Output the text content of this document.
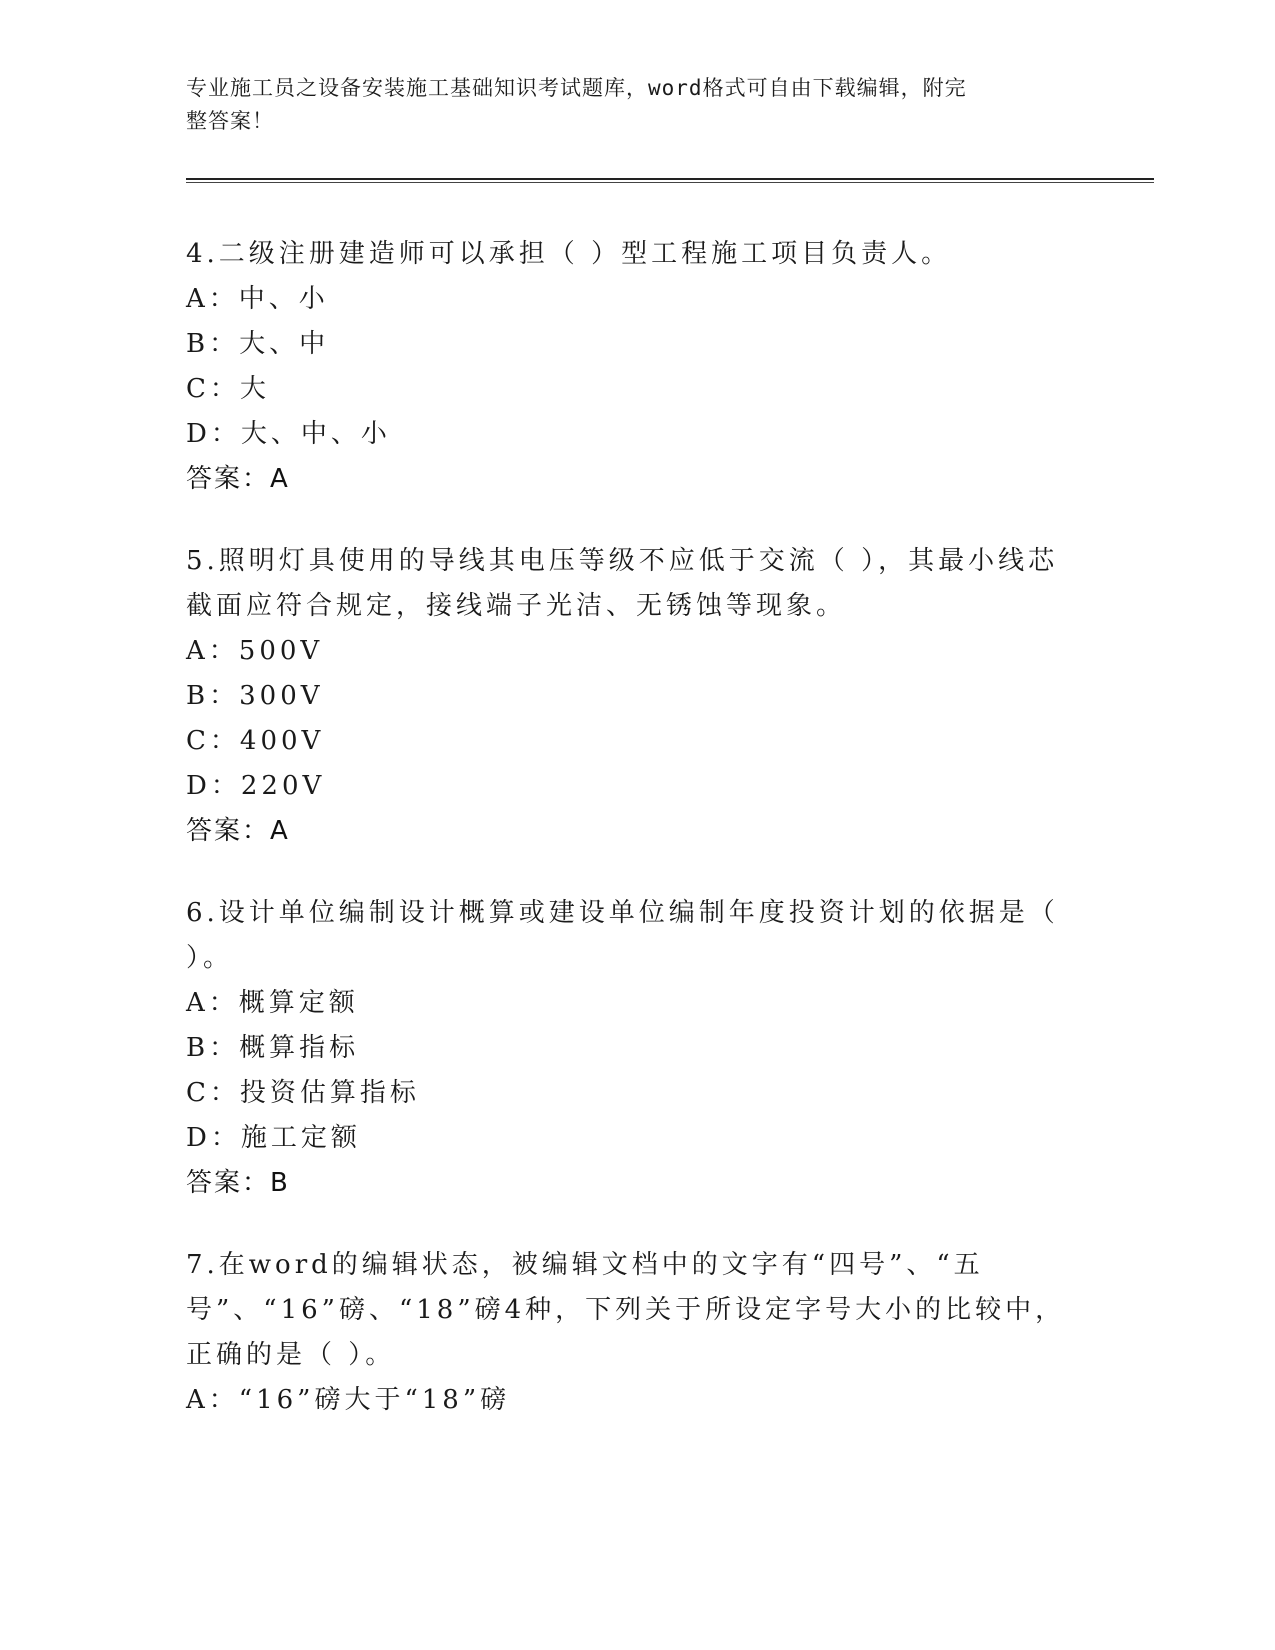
专业施工员之设备安装施工基础知识考试题库，word格式可自由下载编辑，附完
整答案！
4.二级注册建造师可以承担（ ）型工程施工项目负责人。
A： 中、小
B： 大、中
C： 大
D： 大、中、小
答案：A
5.照明灯具使用的导线其电压等级不应低于交流（ ），其最小线芯截面应符合规定，接线端子光洁、无锈蚀等现象。
A： 500V
B： 300V
C： 400V
D： 220V
答案：A
6.设计单位编制设计概算或建设单位编制年度投资计划的依据是（ ）。
A： 概算定额
B： 概算指标
C： 投资估算指标
D： 施工定额
答案：B
7.在word的编辑状态，被编辑文档中的文字有“四号”、“五号”、“16”磅、“18”磅4种，下列关于所设定字号大小的比较中，正确的是（ ）。
A： “16”磅大于“18”磅
